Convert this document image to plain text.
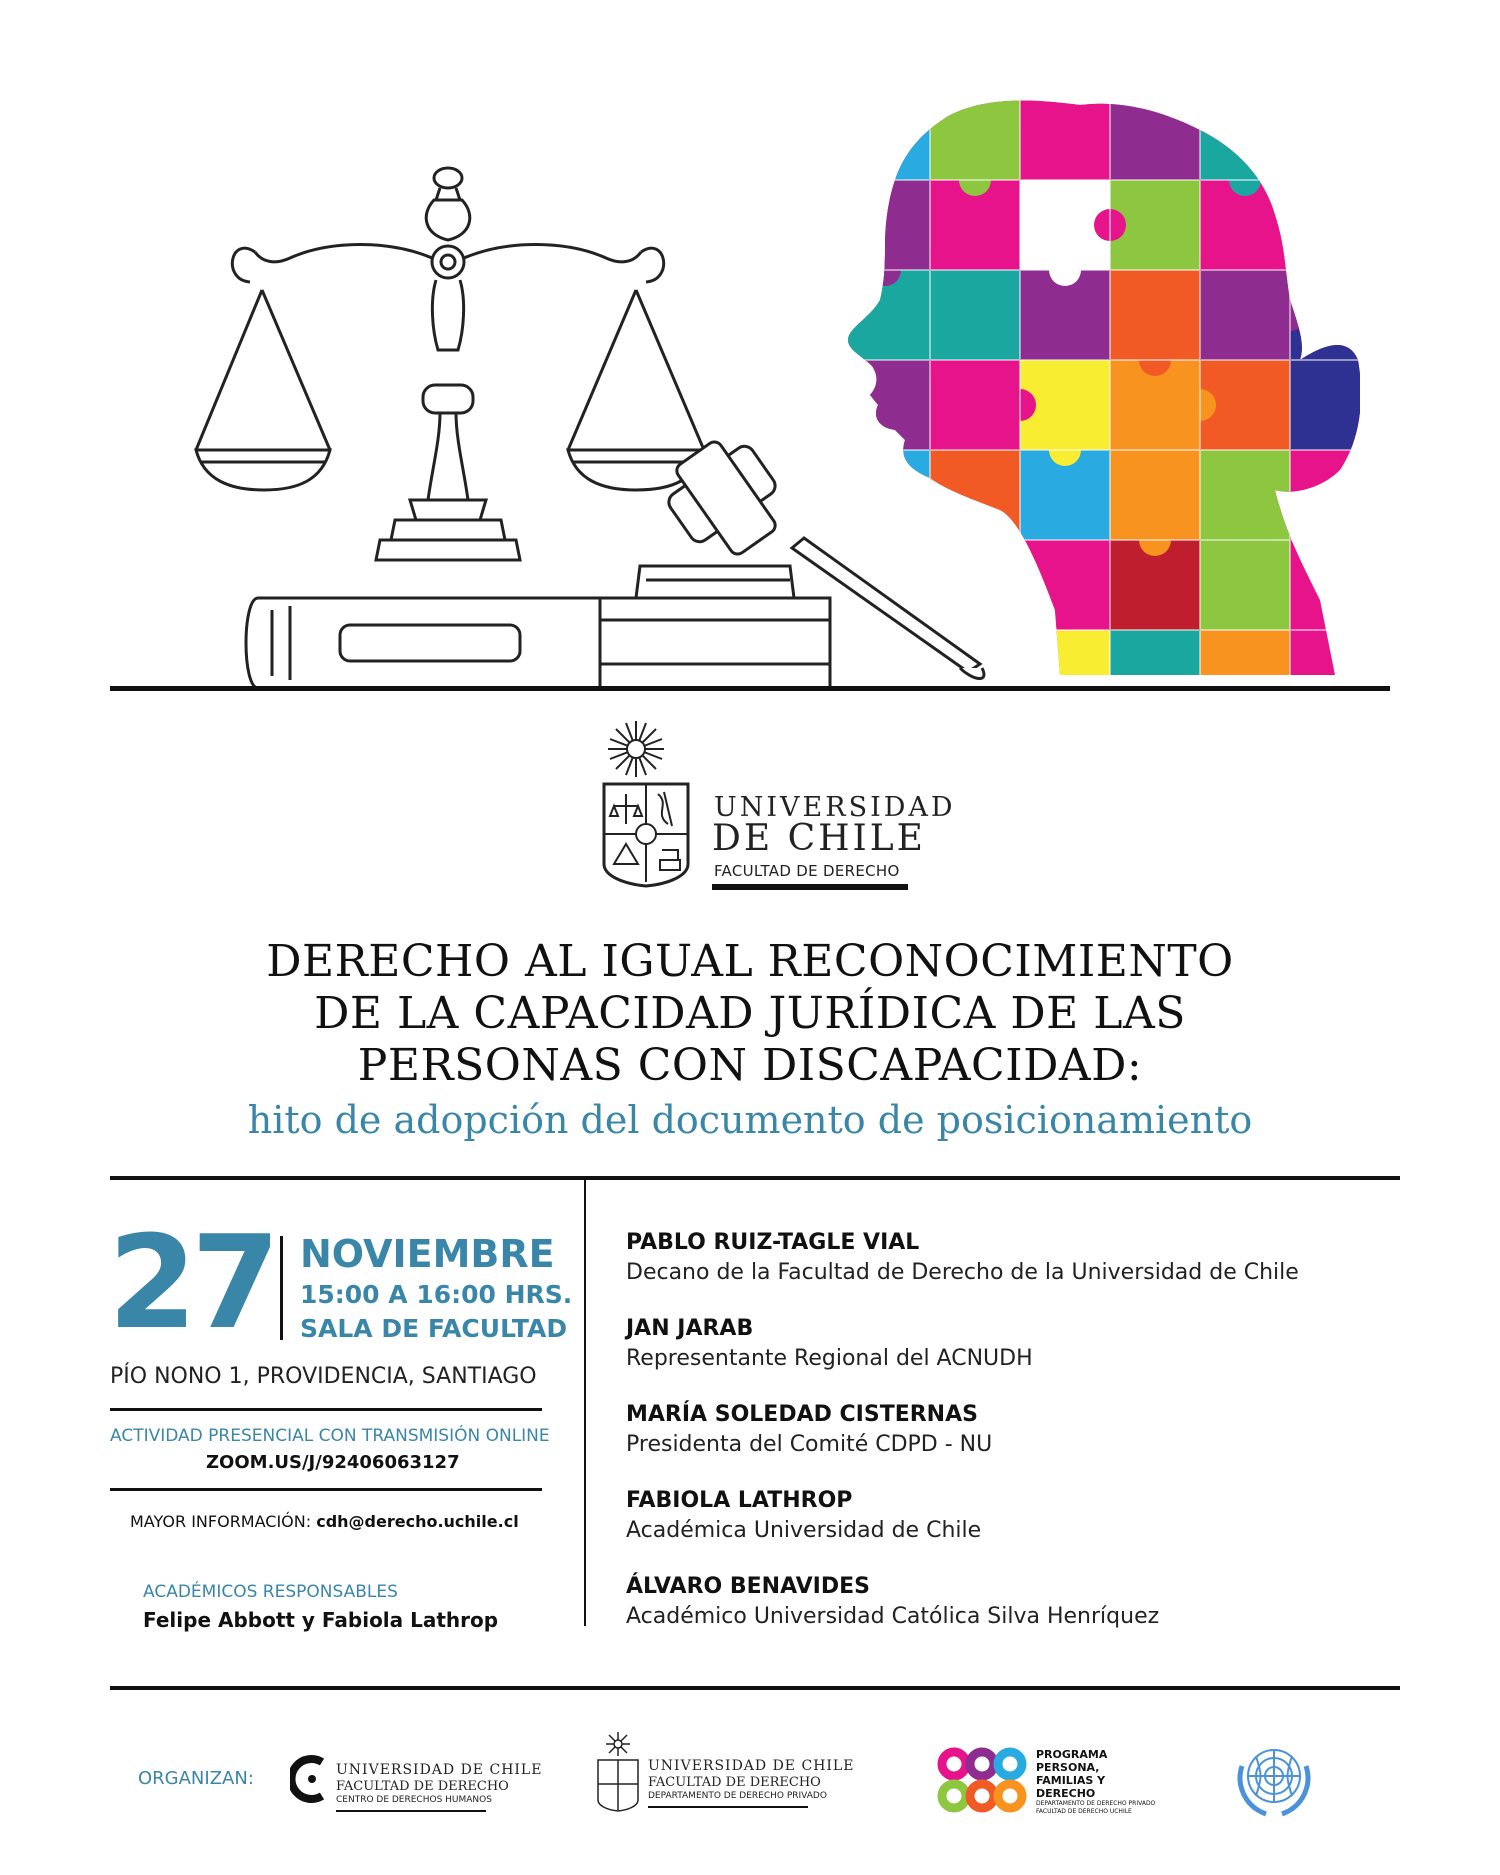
UNIVERSIDAD
DE CHILE
FACULTAD DE DERECHO
DERECHO AL IGUAL RECONOCIMIENTO
DE LA CAPACIDAD JURÍDICA DE LAS
PERSONAS CON DISCAPACIDAD:
hito de adopción del documento de posicionamiento
27 NOVIEMBRE
15:00 A 16:00 HRS.
SALA DE FACULTAD
PÍO NONO 1, PROVIDENCIA, SANTIAGO
ACTIVIDAD PRESENCIAL CON TRANSMISIÓN ONLINE
ZOOM.US/J/92406063127
MAYOR INFORMACIÓN: cdh@derecho.uchile.cl
ACADÉMICOS RESPONSABLES
Felipe Abbott y Fabiola Lathrop
PABLO RUIZ-TAGLE VIAL
Decano de la Facultad de Derecho de la Universidad de Chile
JAN JARAB
Representante Regional del ACNUDH
MARÍA SOLEDAD CISTERNAS
Presidenta del Comité CDPD - NU
FABIOLA LATHROP
Académica Universidad de Chile
ÁLVARO BENAVIDES
Académico Universidad Católica Silva Henríquez
ORGANIZAN:	UNIVERSIDAD DE CHILE
FACULTAD DE DERECHO
CENTRO DE DERECHOS HUMANOS
UNIVERSIDAD DE CHILE
FACULTAD DE DERECHO
DEPARTAMENTO DE DERECHO PRIVADO
PROGRAMA
PERSONA,
FAMILIAS Y
DERECHO
DEPARTAMENTO DE DERECHO PRIVADO
FACULTAD DE DERECHO UCHILE
